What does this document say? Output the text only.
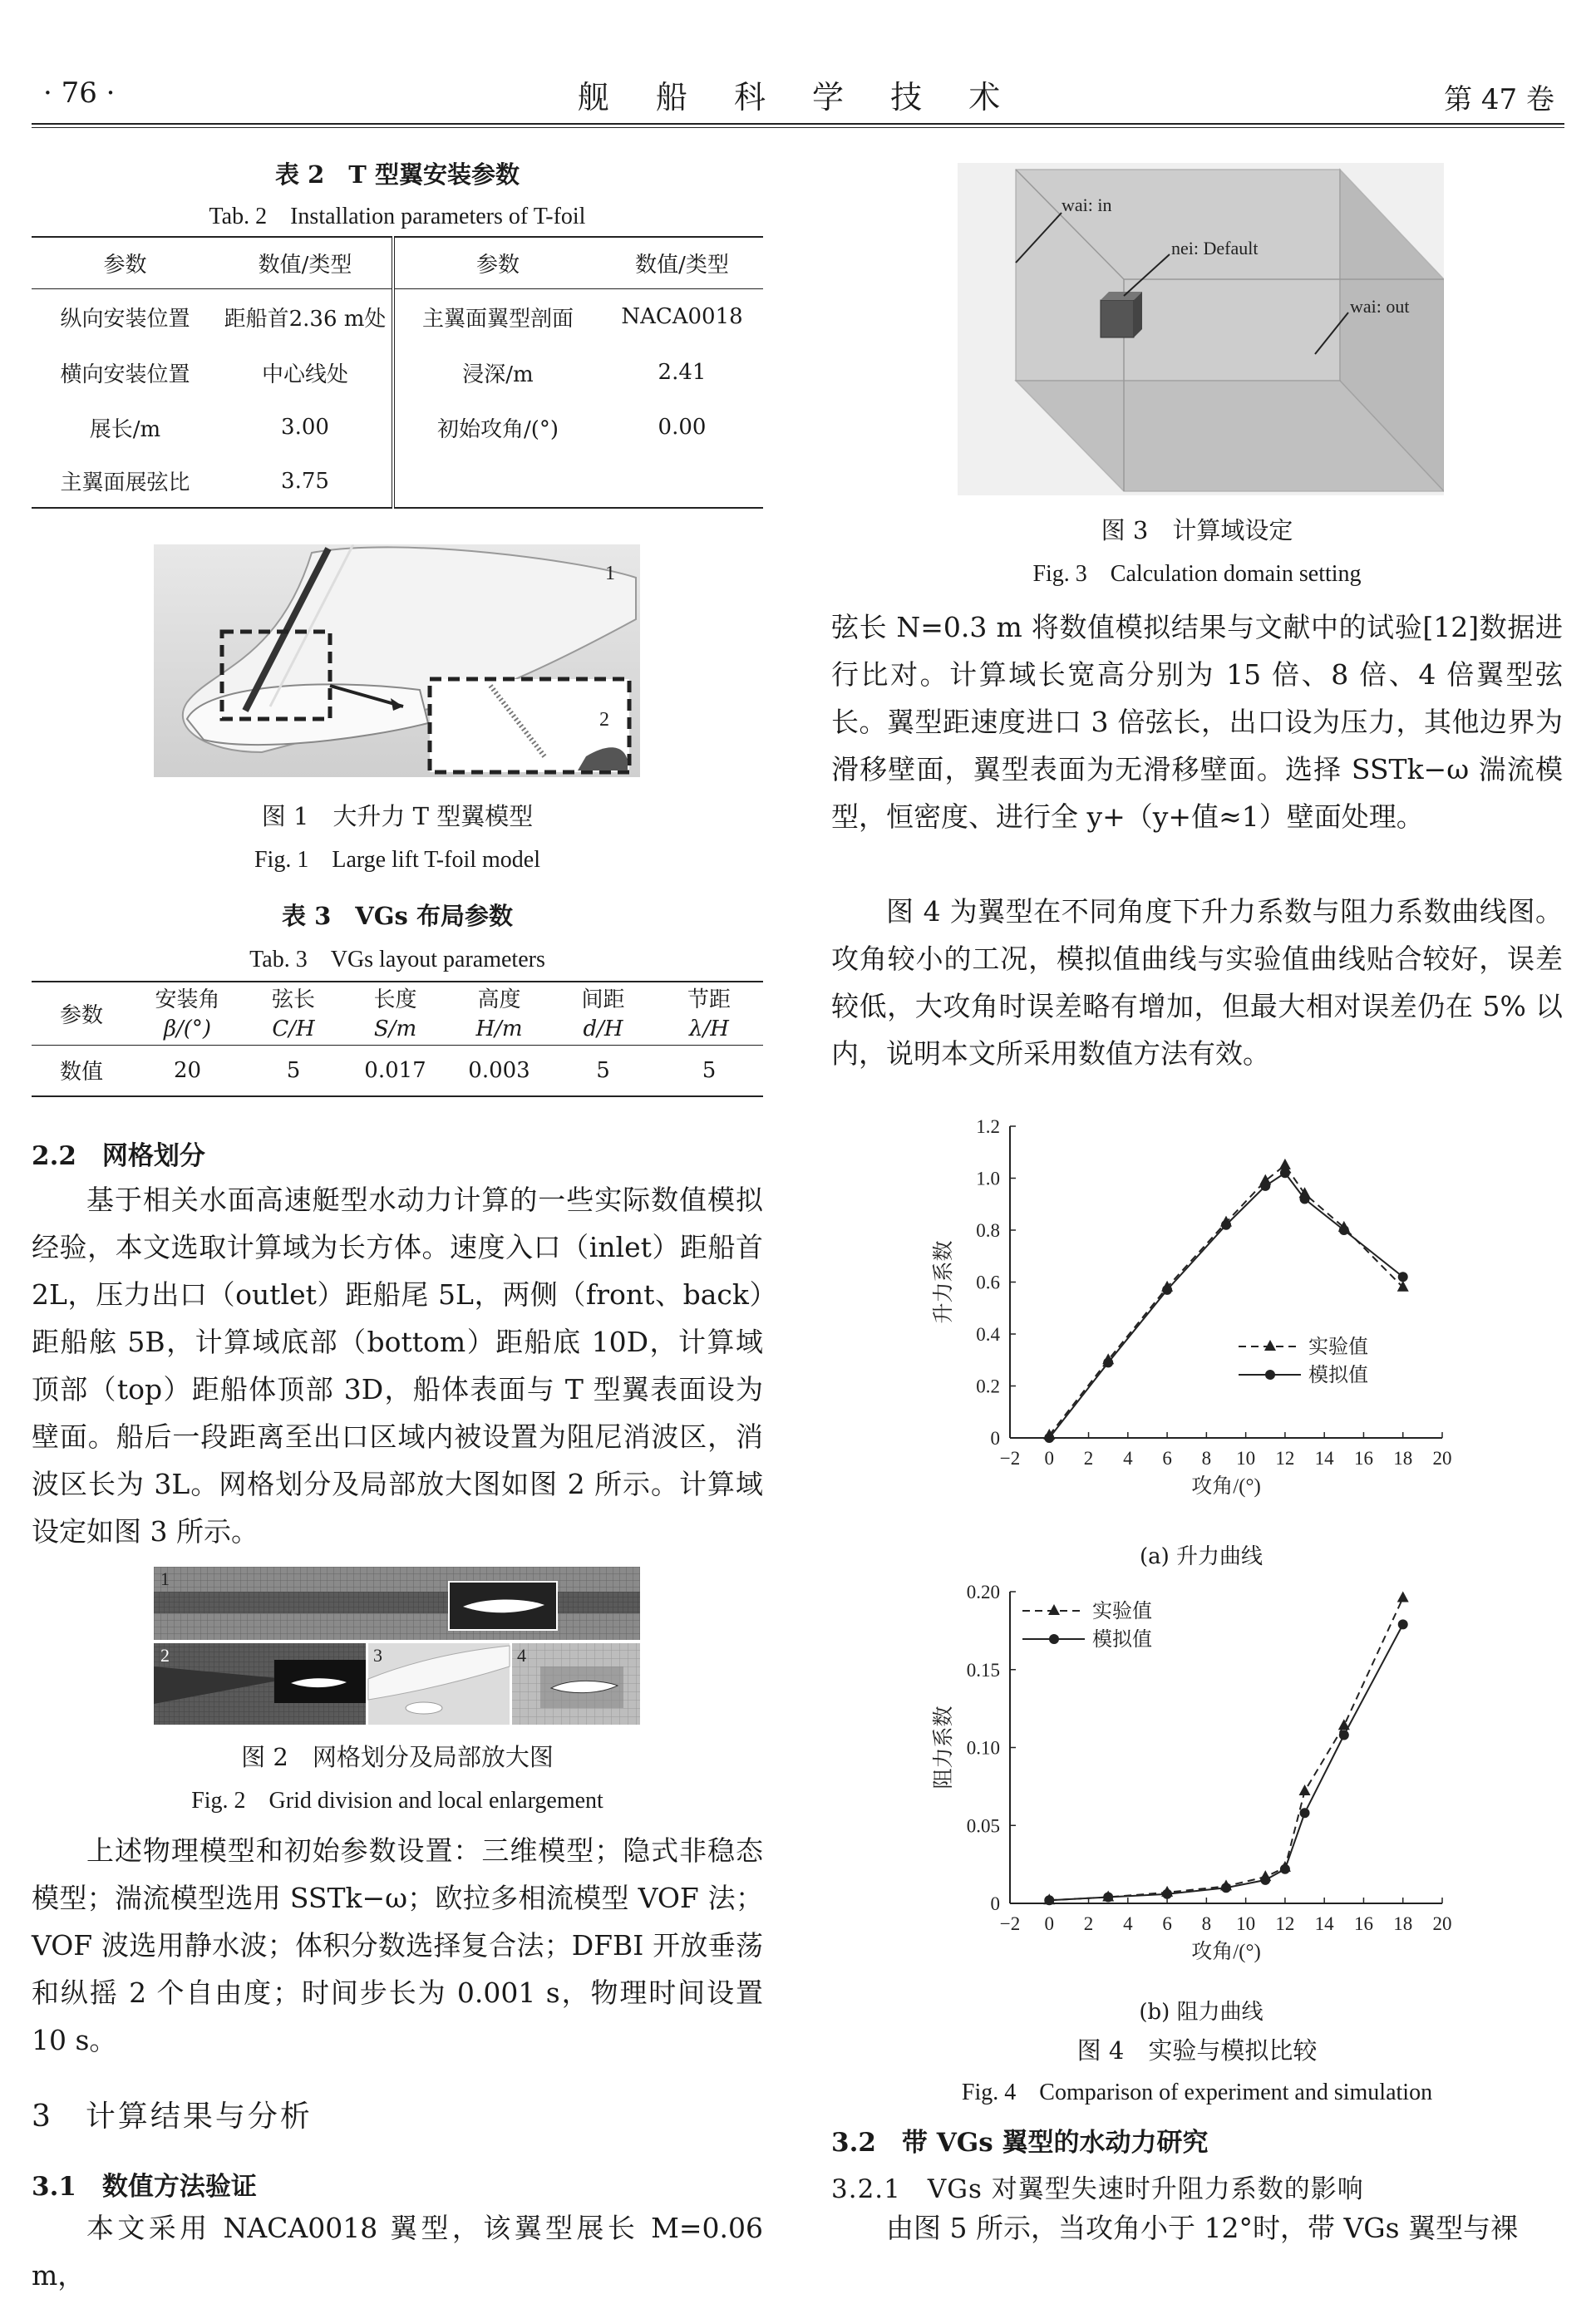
· 76 ·	舰 船 科 学 技 术	第 47 卷
表 2　T 型翼安装参数
Tab. 2　Installation parameters of T-foil
参数	数值/类型	参数	数值/类型
纵向安装位置	距船首2.36 m处	主翼面翼型剖面	NACA0018
横向安装位置	中心线处	浸深/m	2.41
展长/m	3.00	初始攻角/(°)	0.00
主翼面展弦比	3.75		
1
2
图 1　大升力 T 型翼模型
Fig. 1　Large lift T-foil model
表 3　VGs 布局参数
Tab. 3　VGs layout parameters
参数	安装角	弦长	长度	高度	间距	节距
	β/(°)	C/H	S/m	H/m	d/H	λ/H
数值	20	5	0.017	0.003	5	5
2.2　网格划分
基于相关水面高速艇型水动力计算的一些实际数值模拟经验，本文选取计算域为长方体。速度入口（inlet）距船首 2L，压力出口（outlet）距船尾 5L，两侧（front、back）距船舷 5B，计算域底部（bottom）距船底 10D，计算域顶部（top）距船体顶部 3D，船体表面与 T 型翼表面设为壁面。船后一段距离至出口区域内被设置为阻尼消波区，消波区长为 3L。网格划分及局部放大图如图 2 所示。计算域设定如图 3 所示。
1
2	3	4
图 2　网格划分及局部放大图
Fig. 2　Grid division and local enlargement
上述物理模型和初始参数设置：三维模型；隐式非稳态模型；湍流模型选用 SSTk−ω；欧拉多相流模型 VOF 法；VOF 波选用静水波；体积分数选择复合法；DFBI 开放垂荡和纵摇 2 个自由度；时间步长为 0.001 s，物理时间设置 10 s。
3　计算结果与分析
3.1　数值方法验证
本文采用 NACA0018 翼型，该翼型展长 M=0.06 m，
wai: in
nei: Default
wai: out
图 3　计算域设定
Fig. 3　Calculation domain setting
弦长 N=0.3 m 将数值模拟结果与文献中的试验[12]数据进行比对。计算域长宽高分别为 15 倍、8 倍、4 倍翼型弦长。翼型距速度进口 3 倍弦长，出口设为压力，其他边界为滑移壁面，翼型表面为无滑移壁面。选择 SSTk−ω 湍流模型，恒密度、进行全 y+（y+值≈1）壁面处理。
图 4 为翼型在不同角度下升力系数与阻力系数曲线图。攻角较小的工况，模拟值曲线与实验值曲线贴合较好，误差较低，大攻角时误差略有增加，但最大相对误差仍在 5% 以内，说明本文所采用数值方法有效。
−2 0 2 4 6 8 10 12 14 16 18 20
0
0.2
0.4
0.6
0.8
1.0
1.2
攻角/(°)
升力系数
实验值
模拟值
(a) 升力曲线
−2 0 2 4 6 8 10 12 14 16 18 20
0
0.05
0.10
0.15
0.20
攻角/(°)
阻力系数
实验值
模拟值
(b) 阻力曲线
图 4　实验与模拟比较
Fig. 4　Comparison of experiment and simulation
3.2　带 VGs 翼型的水动力研究
3.2.1　VGs 对翼型失速时升阻力系数的影响
由图 5 所示，当攻角小于 12°时，带 VGs 翼型与裸
